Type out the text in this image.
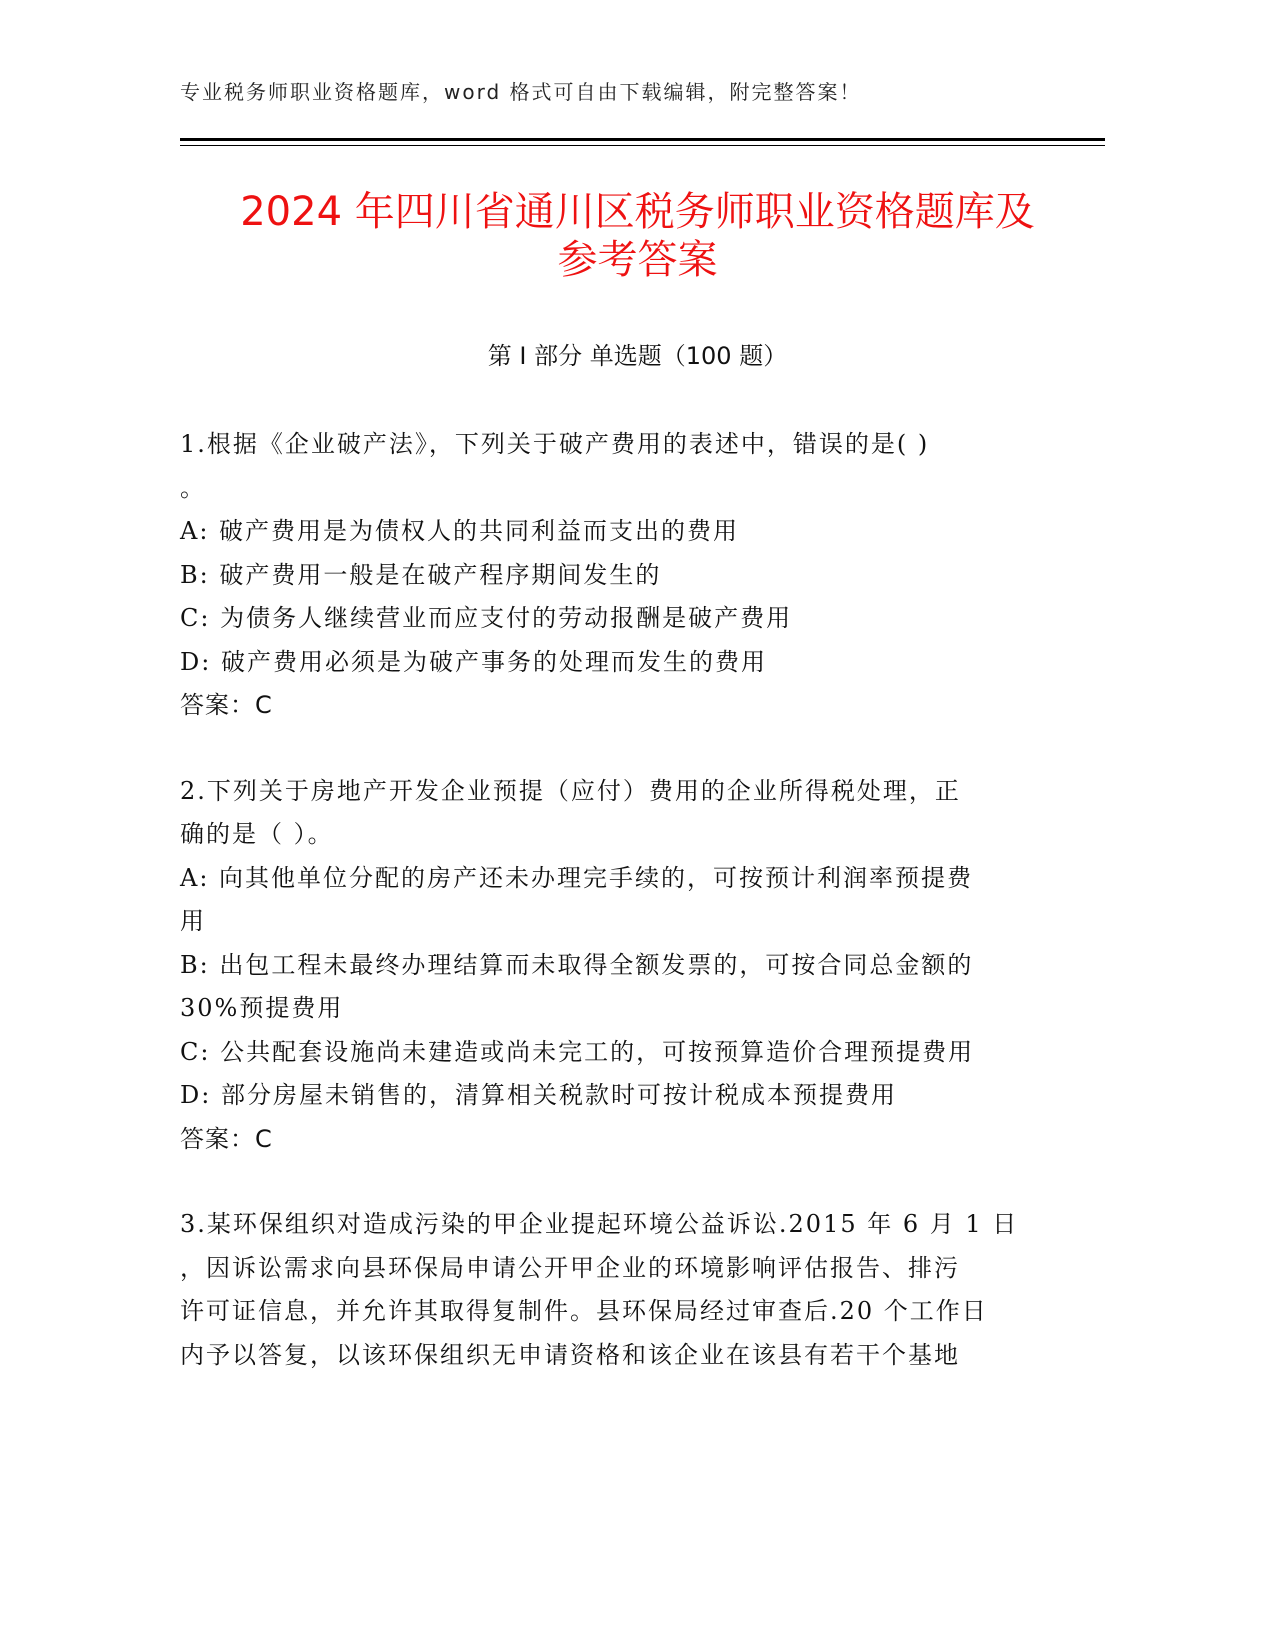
专业税务师职业资格题库，word 格式可自由下载编辑，附完整答案！
2024 年四川省通川区税务师职业资格题库及
参考答案
第 I 部分 单选题（100 题）
1.根据《企业破产法》，下列关于破产费用的表述中，错误的是( )
。
A: 破产费用是为债权人的共同利益而支出的费用
B: 破产费用一般是在破产程序期间发生的
C: 为债务人继续营业而应支付的劳动报酬是破产费用
D: 破产费用必须是为破产事务的处理而发生的费用
答案：C
2.下列关于房地产开发企业预提（应付）费用的企业所得税处理，正
确的是（ ）。
A: 向其他单位分配的房产还未办理完手续的，可按预计利润率预提费
用
B: 出包工程未最终办理结算而未取得全额发票的，可按合同总金额的
30%预提费用
C: 公共配套设施尚未建造或尚未完工的，可按预算造价合理预提费用
D: 部分房屋未销售的，清算相关税款时可按计税成本预提费用
答案：C
3.某环保组织对造成污染的甲企业提起环境公益诉讼.2015 年 6 月 1 日
，因诉讼需求向县环保局申请公开甲企业的环境影响评估报告、排污
许可证信息，并允许其取得复制件。县环保局经过审查后.20 个工作日
内予以答复，以该环保组织无申请资格和该企业在该县有若干个基地
